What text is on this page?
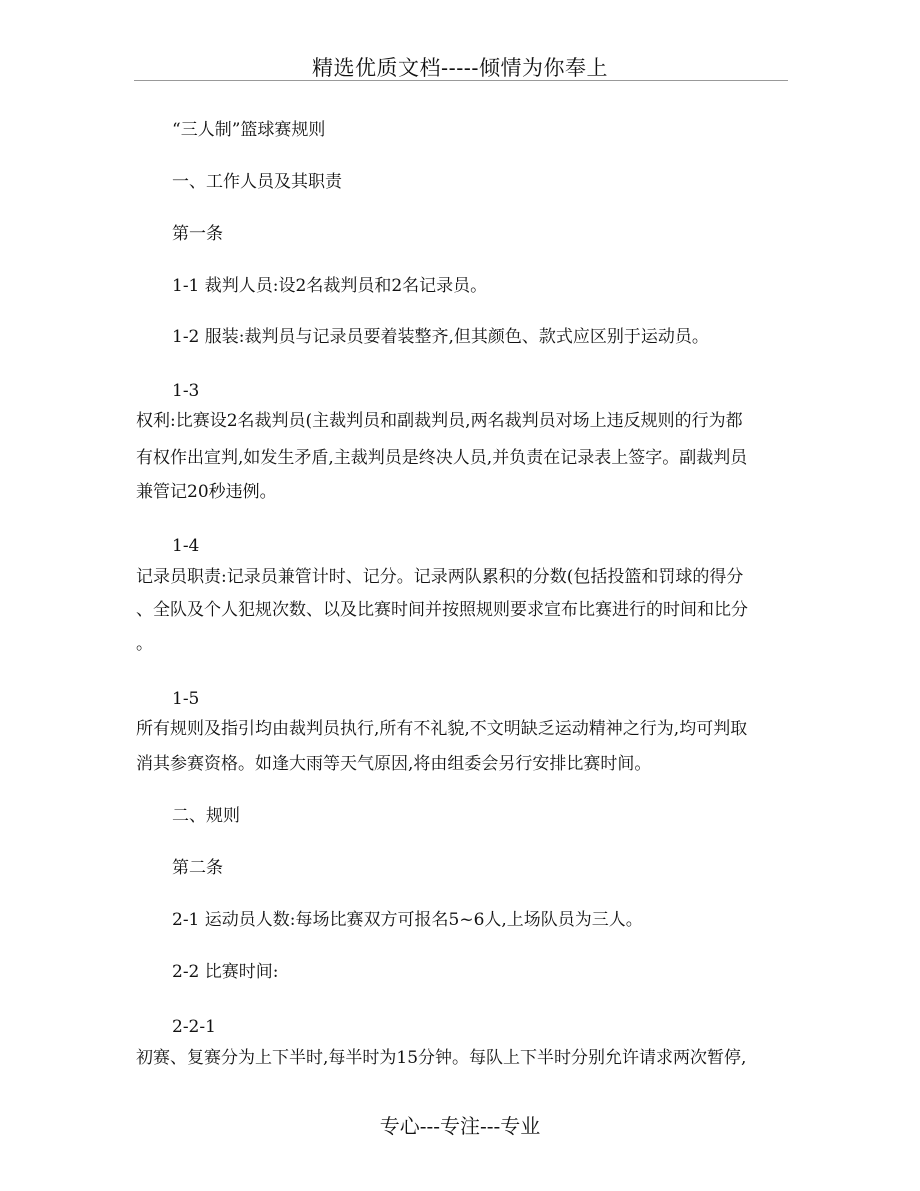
精选优质文档-----倾情为你奉上
“三人制”篮球赛规则
一、工作人员及其职责
第一条
1-1 裁判人员:设2名裁判员和2名记录员。
1-2 服装:裁判员与记录员要着装整齐,但其颜色、款式应区别于运动员。
1-3
权利:比赛设2名裁判员(主裁判员和副裁判员,两名裁判员对场上违反规则的行为都
有权作出宣判,如发生矛盾,主裁判员是终决人员,并负责在记录表上签字。副裁判员
兼管记20秒违例。
1-4
记录员职责:记录员兼管计时、记分。记录两队累积的分数(包括投篮和罚球的得分
、全队及个人犯规次数、以及比赛时间并按照规则要求宣布比赛进行的时间和比分
。
1-5
所有规则及指引均由裁判员执行,所有不礼貌,不文明缺乏运动精神之行为,均可判取
消其参赛资格。如逢大雨等天气原因,将由组委会另行安排比赛时间。
二、规则
第二条
2-1 运动员人数:每场比赛双方可报名5~6人,上场队员为三人。
2-2 比赛时间:
2-2-1
初赛、复赛分为上下半时,每半时为15分钟。每队上下半时分别允许请求两次暂停,
专心---专注---专业
